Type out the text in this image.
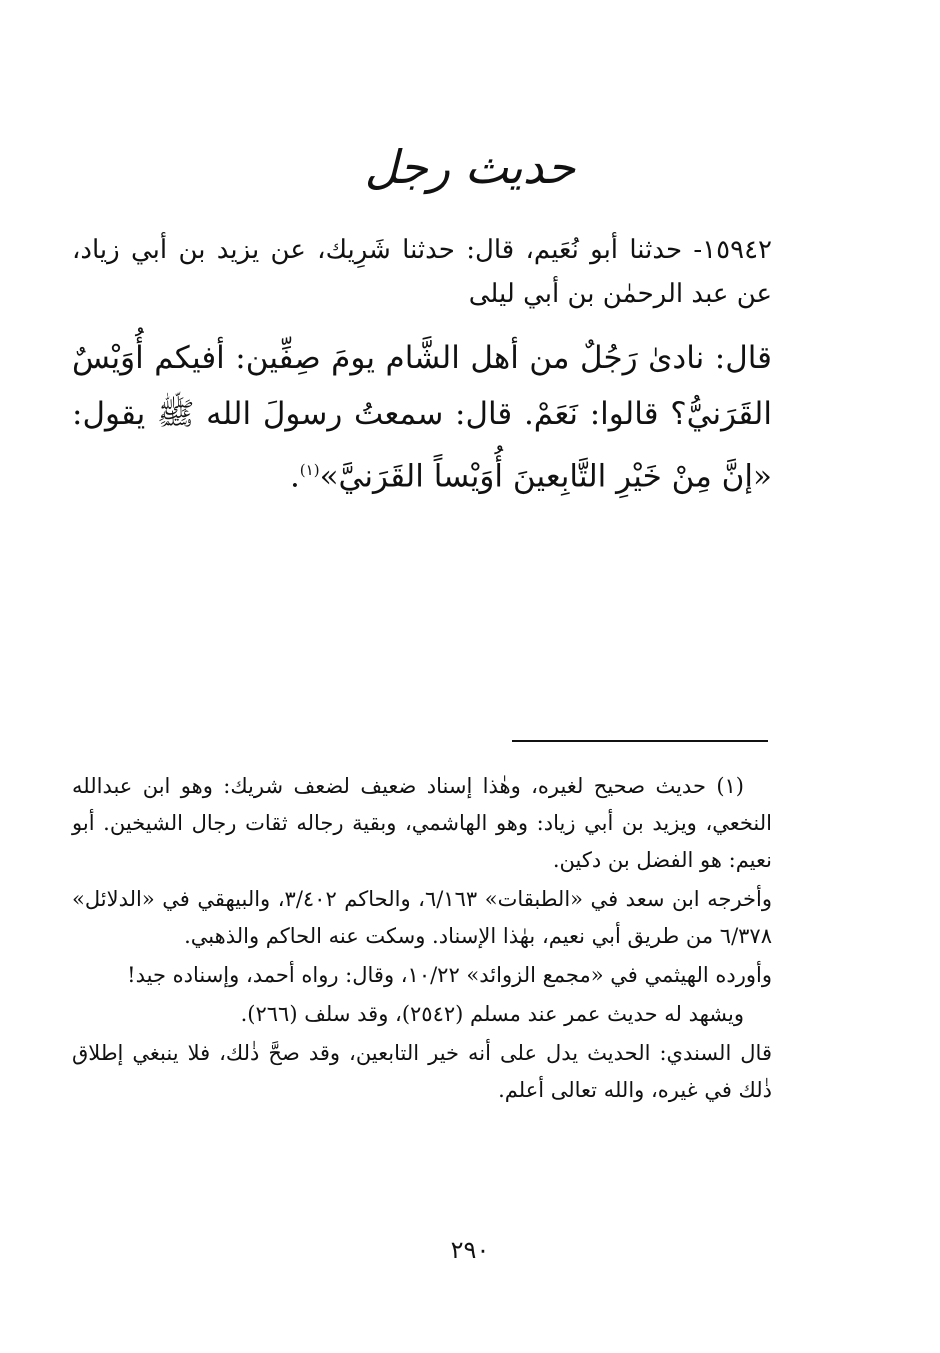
حديث رجل
١٥٩٤٢- حدثنا أبو نُعَيم، قال: حدثنا شَرِيك، عن يزيد بن أبي زياد، عن عبد الرحمٰن بن أبي ليلى
قال: نادىٰ رَجُلٌ من أهل الشَّام يومَ صِفِّين: أفيكم أُوَيْسٌ القَرَنيُّ؟ قالوا: نَعَمْ. قال: سمعتُ رسولَ الله ﷺ يقول: «إنَّ مِنْ خَيْرِ التَّابِعينَ أُوَيْساً القَرَنيَّ»$^{(١)}$.

(١) حديث صحيح لغيره، وهٰذا إسناد ضعيف لضعف شريك: وهو ابن عبدالله النخعي، ويزيد بن أبي زياد: وهو الهاشمي، وبقية رجاله ثقات رجال الشيخين. أبو نعيم: هو الفضل بن دكين.

وأخرجه ابن سعد في «الطبقات» ٦/١٦٣، والحاكم ٣/٤٠٢، والبيهقي في «الدلائل» ٦/٣٧٨ من طريق أبي نعيم، بهٰذا الإسناد. وسكت عنه الحاكم والذهبي.

وأورده الهيثمي في «مجمع الزوائد» ١٠/٢٢، وقال: رواه أحمد، وإسناده جيد!

ويشهد له حديث عمر عند مسلم (٢٥٤٢)، وقد سلف (٢٦٦).

قال السندي: الحديث يدل على أنه خير التابعين، وقد صحَّ ذٰلك، فلا ينبغي إطلاق ذٰلك في غيره، والله تعالى أعلم.

٢٩٠
